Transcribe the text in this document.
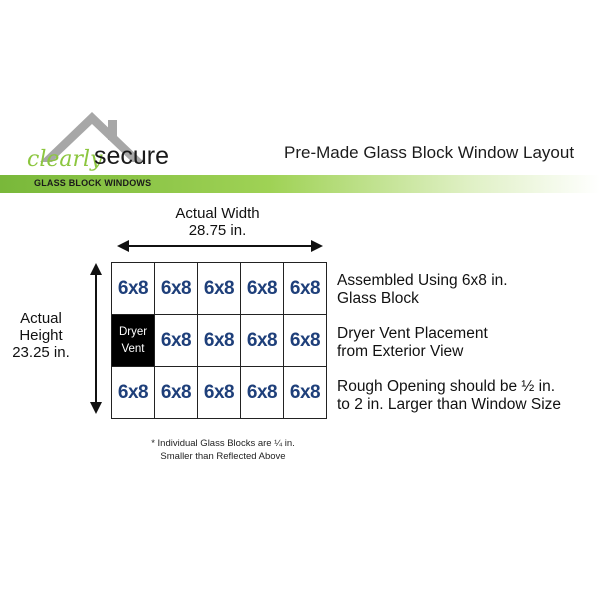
clearly
secure	Pre-Made Glass Block Window Layout
GLASS BLOCK WINDOWS
Actual Width
28.75 in.
Actual
Height
23.25 in.
6x8 6x8 6x8 6x8 6x8
Dryer
Vent 6x8 6x8 6x8 6x8
6x8 6x8 6x8 6x8 6x8
Assembled Using 6x8 in.
Glass Block
Dryer Vent Placement
from Exterior View
Rough Opening should be ½ in.
to 2 in. Larger than Window Size
* Individual Glass Blocks are ¼ in.
Smaller than Reflected Above
